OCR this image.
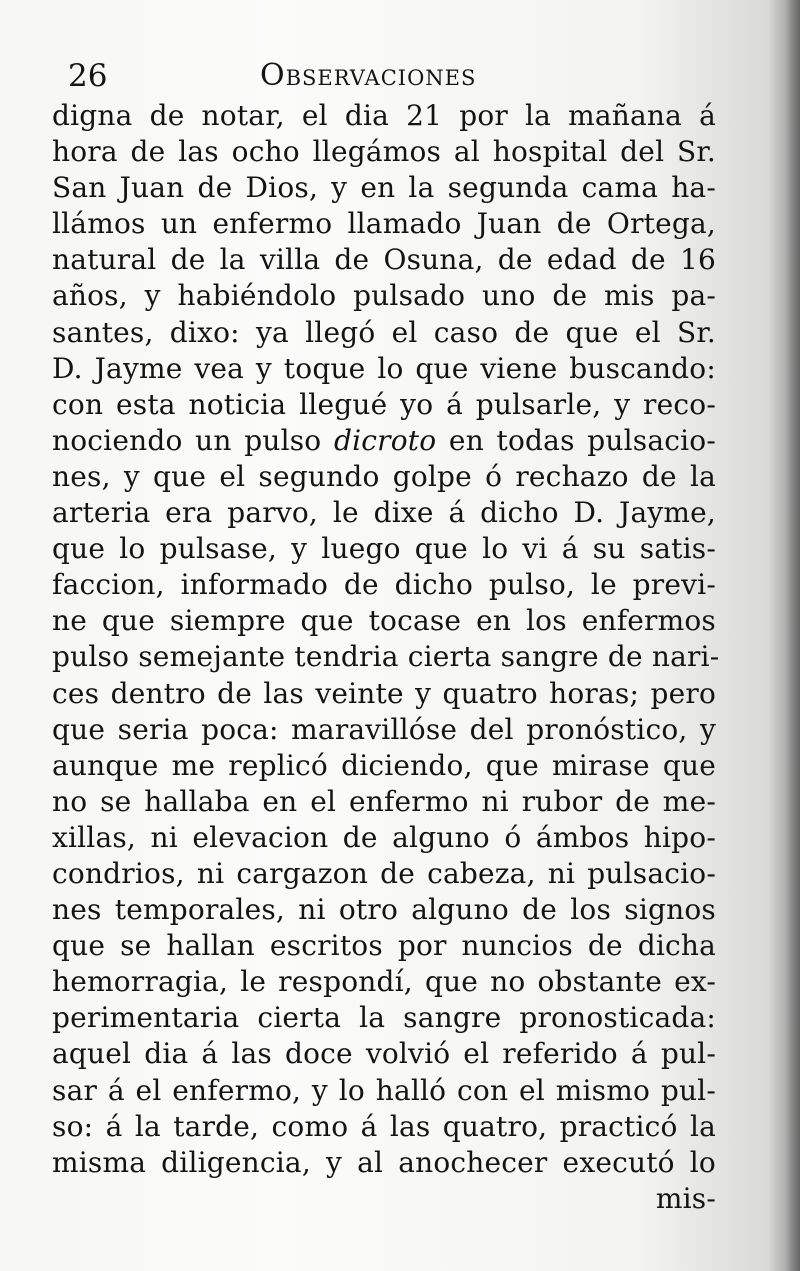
26	Observaciones
digna de notar, el dia 21 por la mañana á
hora de las ocho llegámos al hospital del Sr.
San Juan de Dios, y en la segunda cama ha-
llámos un enfermo llamado Juan de Ortega,
natural de la villa de Osuna, de edad de 16
años, y habiéndolo pulsado uno de mis pa-
santes, dixo: ya llegó el caso de que el Sr.
D. Jayme vea y toque lo que viene buscando:
con esta noticia llegué yo á pulsarle, y reco-
nociendo un pulso dicroto en todas pulsacio-
nes, y que el segundo golpe ó rechazo de la
arteria era parvo, le dixe á dicho D. Jayme,
que lo pulsase, y luego que lo vi á su satis-
faccion, informado de dicho pulso, le previ-
ne que siempre que tocase en los enfermos
pulso semejante tendria cierta sangre de nari-
ces dentro de las veinte y quatro horas; pero
que seria poca: maravillóse del pronóstico, y
aunque me replicó diciendo, que mirase que
no se hallaba en el enfermo ni rubor de me-
xillas, ni elevacion de alguno ó ámbos hipo-
condrios, ni cargazon de cabeza, ni pulsacio-
nes temporales, ni otro alguno de los signos
que se hallan escritos por nuncios de dicha
hemorragia, le respondí, que no obstante ex-
perimentaria cierta la sangre pronosticada:
aquel dia á las doce volvió el referido á pul-
sar á el enfermo, y lo halló con el mismo pul-
so: á la tarde, como á las quatro, practicó la
misma diligencia, y al anochecer executó lo
mis-
